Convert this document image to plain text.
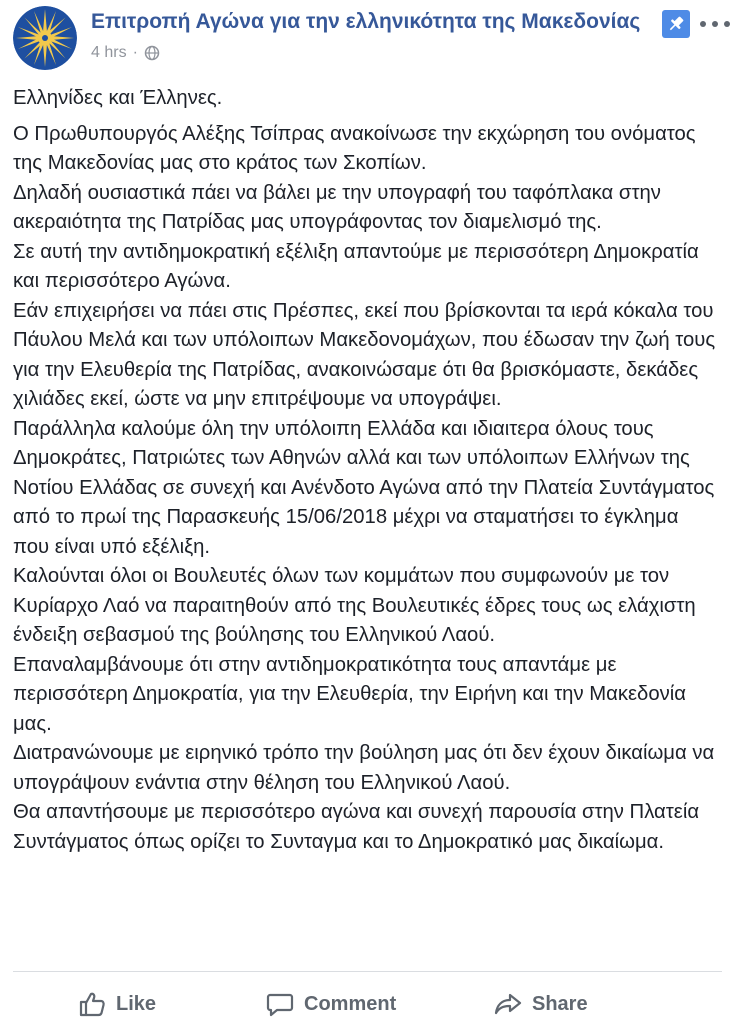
Επιτροπή Αγώνα για την ελληνικότητα της Μακεδονίας
4 hrs ·

Ελληνίδες και Έλληνες.

Ο Πρωθυπουργός Αλέξης Τσίπρας ανακοίνωσε την εκχώρηση του ονόματος της Μακεδονίας μας στο κράτος των Σκοπίων.
Δηλαδή ουσιαστικά πάει να βάλει με την υπογραφή του ταφόπλακα στην ακεραιότητα της Πατρίδας μας υπογράφοντας τον διαμελισμό της.
Σε αυτή την αντιδημοκρατική εξέλιξη απαντούμε με περισσότερη Δημοκρατία και περισσότερο Αγώνα.
Εάν επιχειρήσει να πάει στις Πρέσπες, εκεί που βρίσκονται τα ιερά κόκαλα του Πάυλου Μελά και των υπόλοιπων Μακεδονομάχων, που έδωσαν την ζωή τους για την Ελευθερία της Πατρίδας, ανακοινώσαμε ότι θα βρισκόμαστε, δεκάδες χιλιάδες εκεί, ώστε να μην επιτρέψουμε να υπογράψει.
Παράλληλα καλούμε όλη την υπόλοιπη Ελλάδα και ιδιαιτερα όλους τους Δημοκράτες, Πατριώτες των Αθηνών αλλά και των υπόλοιπων Ελλήνων της Νοτίου Ελλάδας σε συνεχή και Ανένδοτο Αγώνα από την Πλατεία Συντάγματος από το πρωί της Παρασκευής 15/06/2018 μέχρι να σταματήσει το έγκλημα που είναι υπό εξέλιξη.
Καλούνται όλοι οι Βουλευτές όλων των κομμάτων που συμφωνούν με τον Κυρίαρχο Λαό να παραιτηθούν από της Βουλευτικές έδρες τους ως ελάχιστη ένδειξη σεβασμού της βούλησης του Ελληνικού Λαού.
Επαναλαμβάνουμε ότι στην αντιδημοκρατικότητα τους απαντάμε με περισσότερη Δημοκρατία, για την Ελευθερία, την Ειρήνη και την Μακεδονία μας.
Διατρανώνουμε με ειρηνικό τρόπο την βούληση μας ότι δεν έχουν δικαίωμα να υπογράψουν ενάντια στην θέληση του Ελληνικού Λαού.
Θα απαντήσουμε με περισσότερο αγώνα και συνεχή παρουσία στην Πλατεία Συντάγματος όπως ορίζει το Συνταγμα και το Δημοκρατικό μας δικαίωμα.

Like	Comment	Share
